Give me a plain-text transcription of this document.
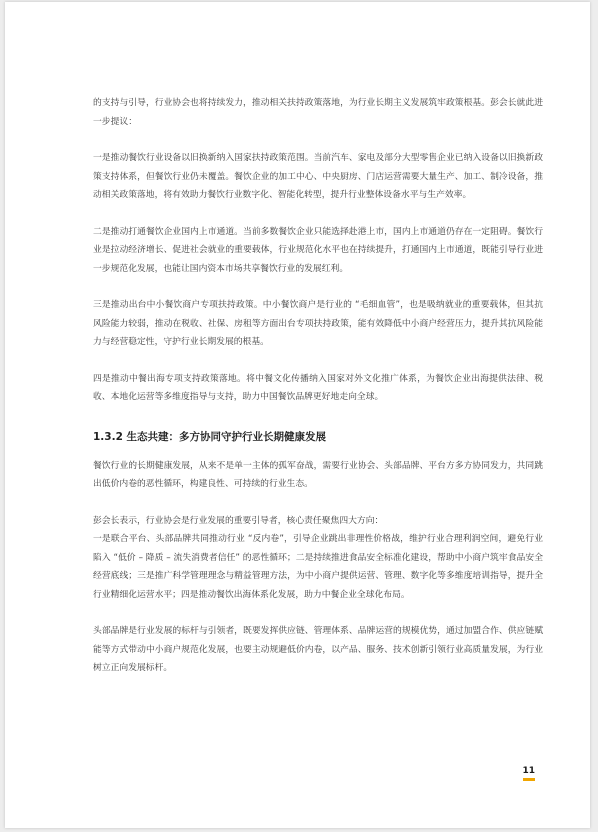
的支持与引导，行业协会也将持续发力，推动相关扶持政策落地，为行业长期主义发展筑牢政策根基。彭会长就此进一步提议：

一是推动餐饮行业设备以旧换新纳入国家扶持政策范围。当前汽车、家电及部分大型零售企业已纳入设备以旧换新政策支持体系，但餐饮行业仍未覆盖。餐饮企业的加工中心、中央厨房、门店运营需要大量生产、加工、制冷设备，推动相关政策落地，将有效助力餐饮行业数字化、智能化转型，提升行业整体设备水平与生产效率。

二是推动打通餐饮企业国内上市通道。当前多数餐饮企业只能选择赴港上市，国内上市通道仍存在一定阻碍。餐饮行业是拉动经济增长、促进社会就业的重要载体，行业规范化水平也在持续提升，打通国内上市通道，既能引导行业进一步规范化发展，也能让国内资本市场共享餐饮行业的发展红利。

三是推动出台中小餐饮商户专项扶持政策。中小餐饮商户是行业的 “毛细血管”，也是吸纳就业的重要载体，但其抗风险能力较弱，推动在税收、社保、房租等方面出台专项扶持政策，能有效降低中小商户经营压力，提升其抗风险能力与经营稳定性，守护行业长期发展的根基。

四是推动中餐出海专项支持政策落地。将中餐文化传播纳入国家对外文化推广体系，为餐饮企业出海提供法律、税收、本地化运营等多维度指导与支持，助力中国餐饮品牌更好地走向全球。

1.3.2 生态共建：多方协同守护行业长期健康发展

餐饮行业的长期健康发展，从来不是单一主体的孤军奋战，需要行业协会、头部品牌、平台方多方协同发力，共同跳出低价内卷的恶性循环，构建良性、可持续的行业生态。

彭会长表示，行业协会是行业发展的重要引导者，核心责任聚焦四大方向：

一是联合平台、头部品牌共同推动行业 “反内卷”，引导企业跳出非理性价格战，维护行业合理利润空间，避免行业陷入 “低价 – 降质 – 流失消费者信任” 的恶性循环；二是持续推进食品安全标准化建设，帮助中小商户筑牢食品安全经营底线；三是推广科学管理理念与精益管理方法，为中小商户提供运营、管理、数字化等多维度培训指导，提升全行业精细化运营水平；四是推动餐饮出海体系化发展，助力中餐企业全球化布局。

头部品牌是行业发展的标杆与引领者，既要发挥供应链、管理体系、品牌运营的规模优势，通过加盟合作、供应链赋能等方式带动中小商户规范化发展，也要主动规避低价内卷，以产品、服务、技术创新引领行业高质量发展，为行业树立正向发展标杆。

11
